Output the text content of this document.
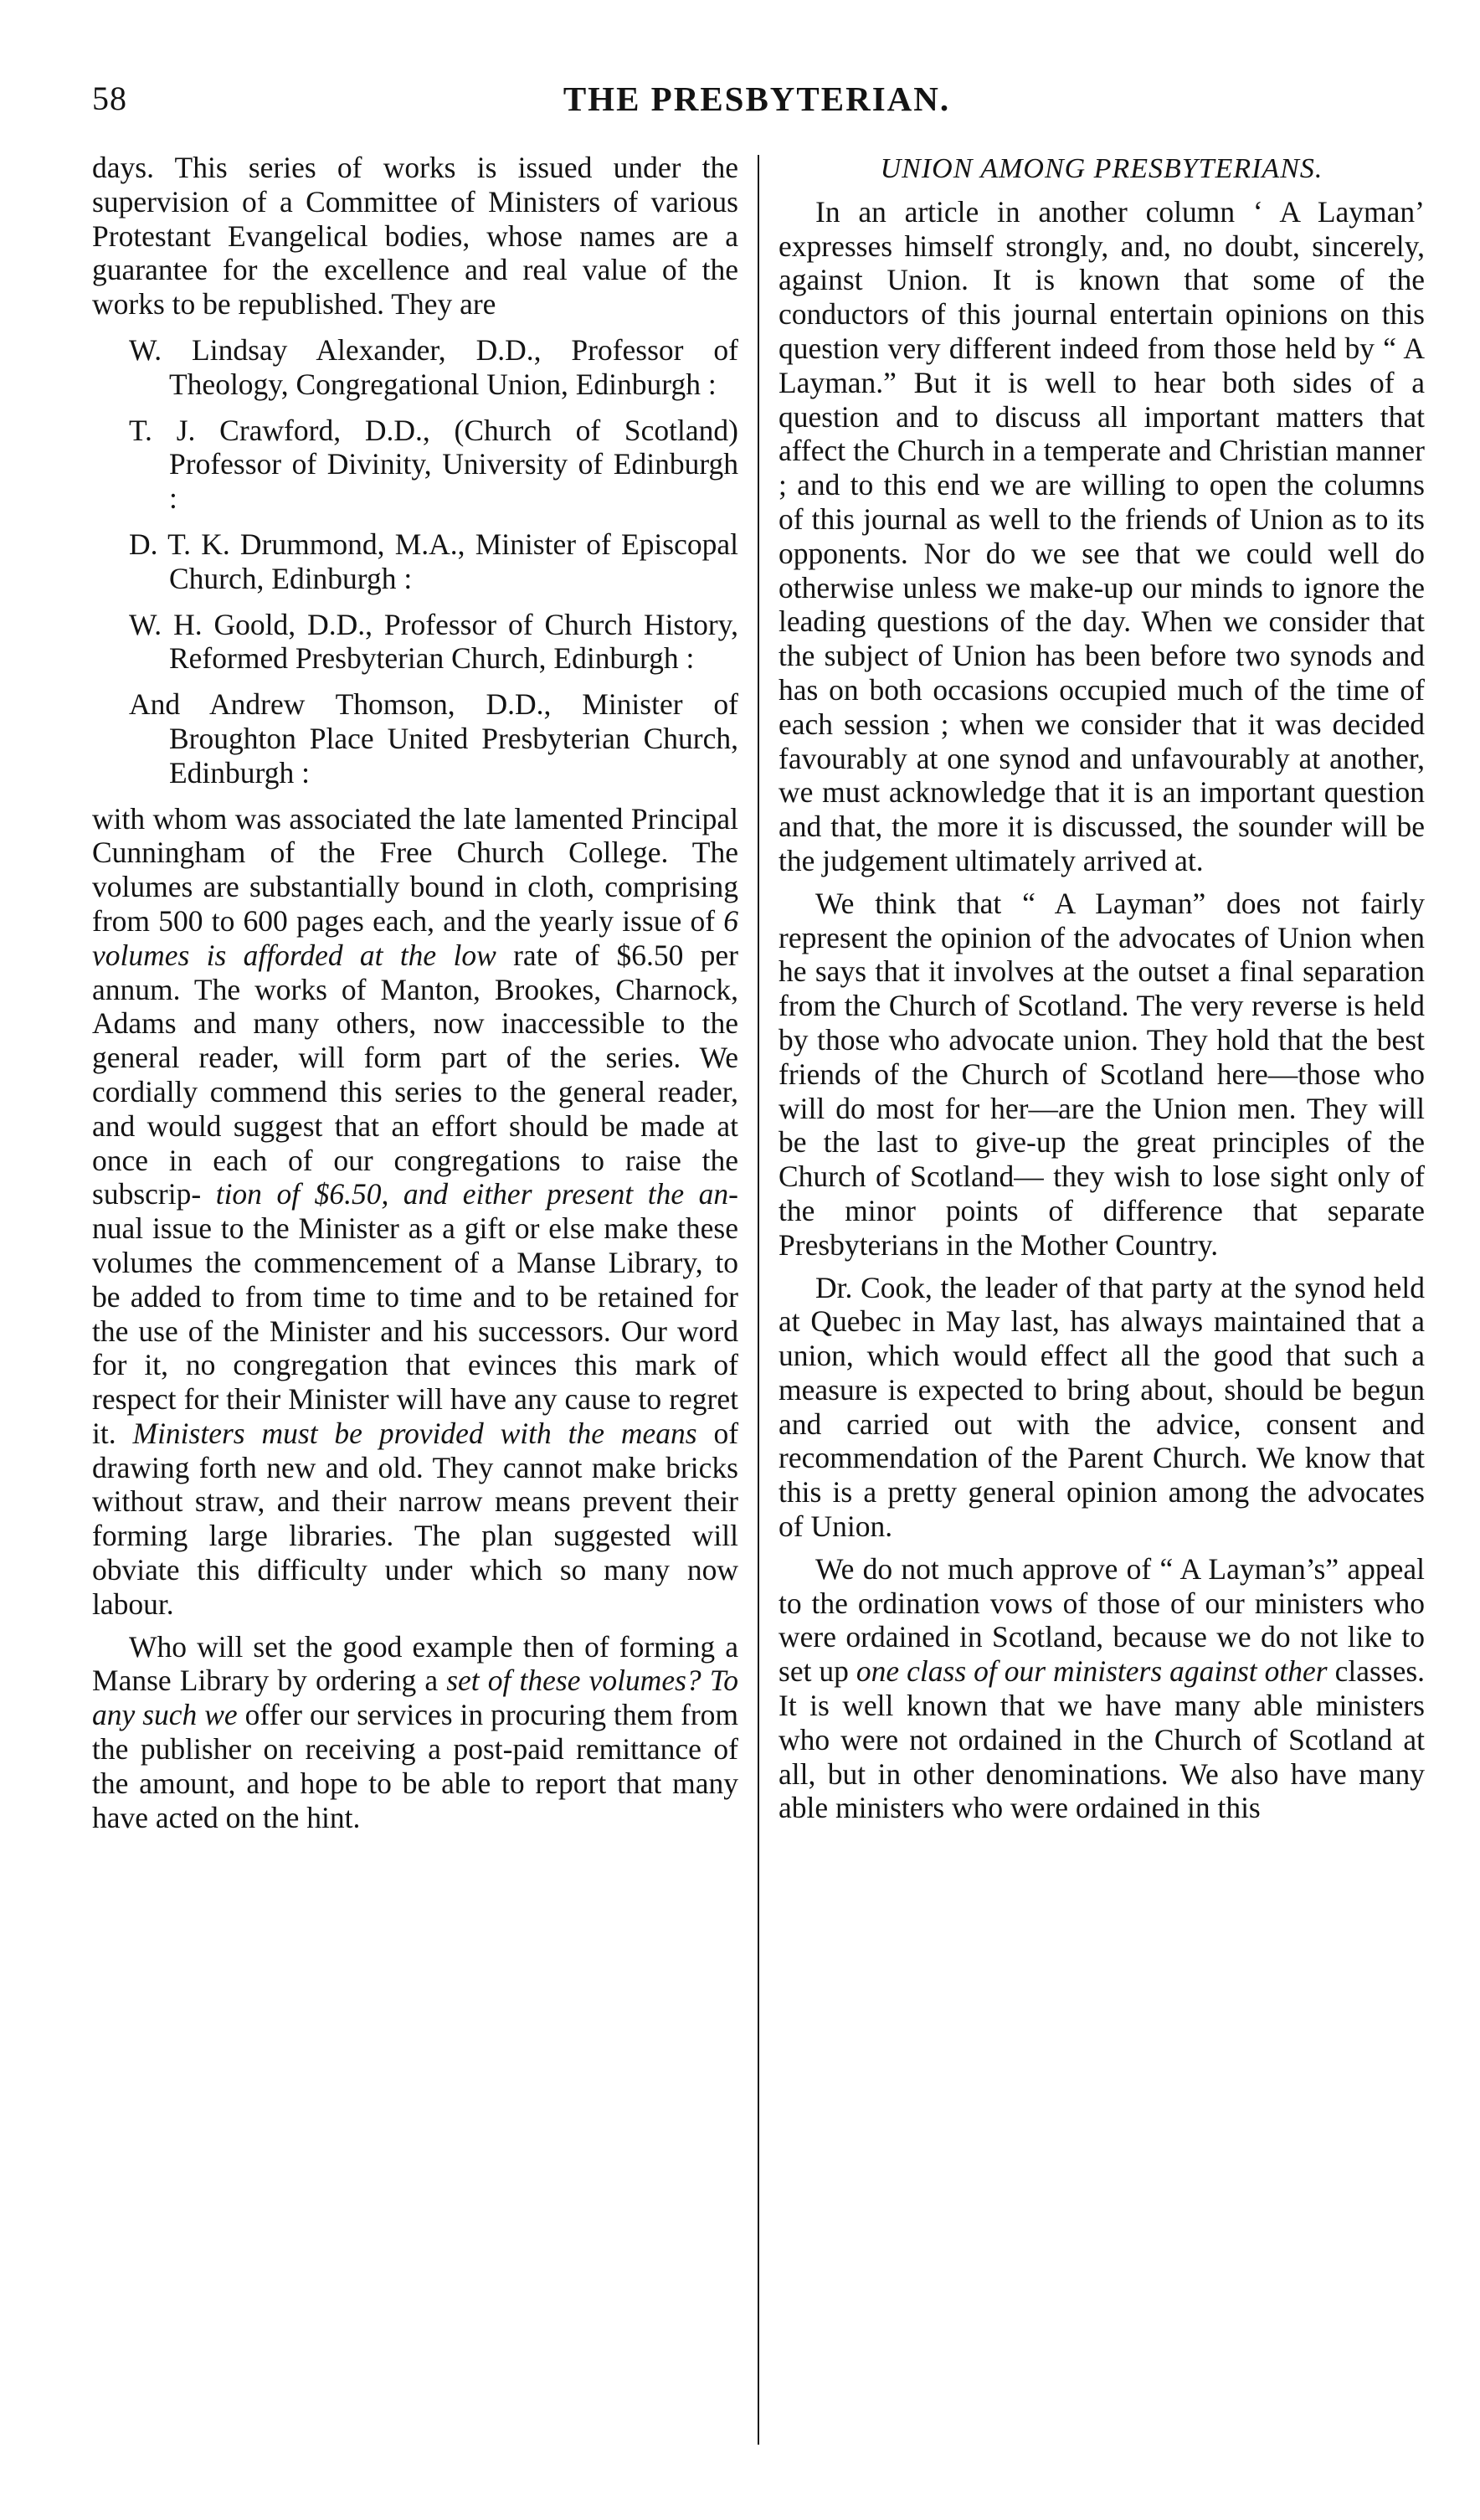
THE PRESBYTERIAN.
58

days. This series of works is issued under the supervision of a Committee of Ministers of various Protestant Evangelical bodies, whose names are a guarantee for the excellence and real value of the works to be republished. They are

W. Lindsay Alexander, D.D., Professor of Theology, Congregational Union, Edinburgh :
T. J. Crawford, D.D., (Church of Scotland) Professor of Divinity, University of Edinburgh :
D. T. K. Drummond, M.A., Minister of Episcopal Church, Edinburgh :
W. H. Goold, D.D., Professor of Church History, Reformed Presbyterian Church, Edinburgh :
And Andrew Thomson, D.D., Minister of Broughton Place United Presbyterian Church, Edinburgh :

with whom was associated the late lamented Principal Cunningham of the Free Church College. The volumes are substantially bound in cloth, comprising from 500 to 600 pages each, and the yearly issue of 6 volumes is afforded at the low rate of $6.50 per annum. The works of Manton, Brookes, Charnock, Adams and many others, now inaccessible to the general reader, will form part of the series. We cordially commend this series to the general reader, and would suggest that an effort should be made at once in each of our congregations to raise the subscrip- tion of $6.50, and either present the an- nual issue to the Minister as a gift or else make these volumes the commencement of a Manse Library, to be added to from time to time and to be retained for the use of the Minister and his successors. Our word for it, no congregation that evinces this mark of respect for their Minister will have any cause to regret it. Ministers must be provided with the means of drawing forth new and old. They cannot make bricks without straw, and their narrow means prevent their forming large libraries. The plan suggested will obviate this difficulty under which so many now labour.

Who will set the good example then of forming a Manse Library by ordering a set of these volumes? To any such we offer our services in procuring them from the publisher on receiving a post-paid remittance of the amount, and hope to be able to report that many have acted on the hint.

UNION AMONG PRESBYTERIANS.

In an article in another column ‘ A Layman’ expresses himself strongly, and, no doubt, sincerely, against Union. It is known that some of the conductors of this journal entertain opinions on this question very different indeed from those held by “ A Layman.” But it is well to hear both sides of a question and to discuss all important matters that affect the Church in a temperate and Christian manner ; and to this end we are willing to open the columns of this journal as well to the friends of Union as to its opponents. Nor do we see that we could well do otherwise unless we make-up our minds to ignore the leading questions of the day. When we consider that the subject of Union has been before two synods and has on both occasions occupied much of the time of each session ; when we consider that it was decided favourably at one synod and unfavourably at another, we must acknowledge that it is an important question and that, the more it is discussed, the sounder will be the judgement ultimately arrived at.

We think that “ A Layman” does not fairly represent the opinion of the advocates of Union when he says that it involves at the outset a final separation from the Church of Scotland. The very reverse is held by those who advocate union. They hold that the best friends of the Church of Scotland here—those who will do most for her—are the Union men. They will be the last to give-up the great principles of the Church of Scotland— they wish to lose sight only of the minor points of difference that separate Presbyterians in the Mother Country.

Dr. Cook, the leader of that party at the synod held at Quebec in May last, has always maintained that a union, which would effect all the good that such a measure is expected to bring about, should be begun and carried out with the advice, consent and recommendation of the Parent Church. We know that this is a pretty general opinion among the advocates of Union.

We do not much approve of “ A Layman’s” appeal to the ordination vows of those of our ministers who were ordained in Scotland, because we do not like to set up one class of our ministers against other classes. It is well known that we have many able ministers who were not ordained in the Church of Scotland at all, but in other denominations. We also have many able ministers who were ordained in this
